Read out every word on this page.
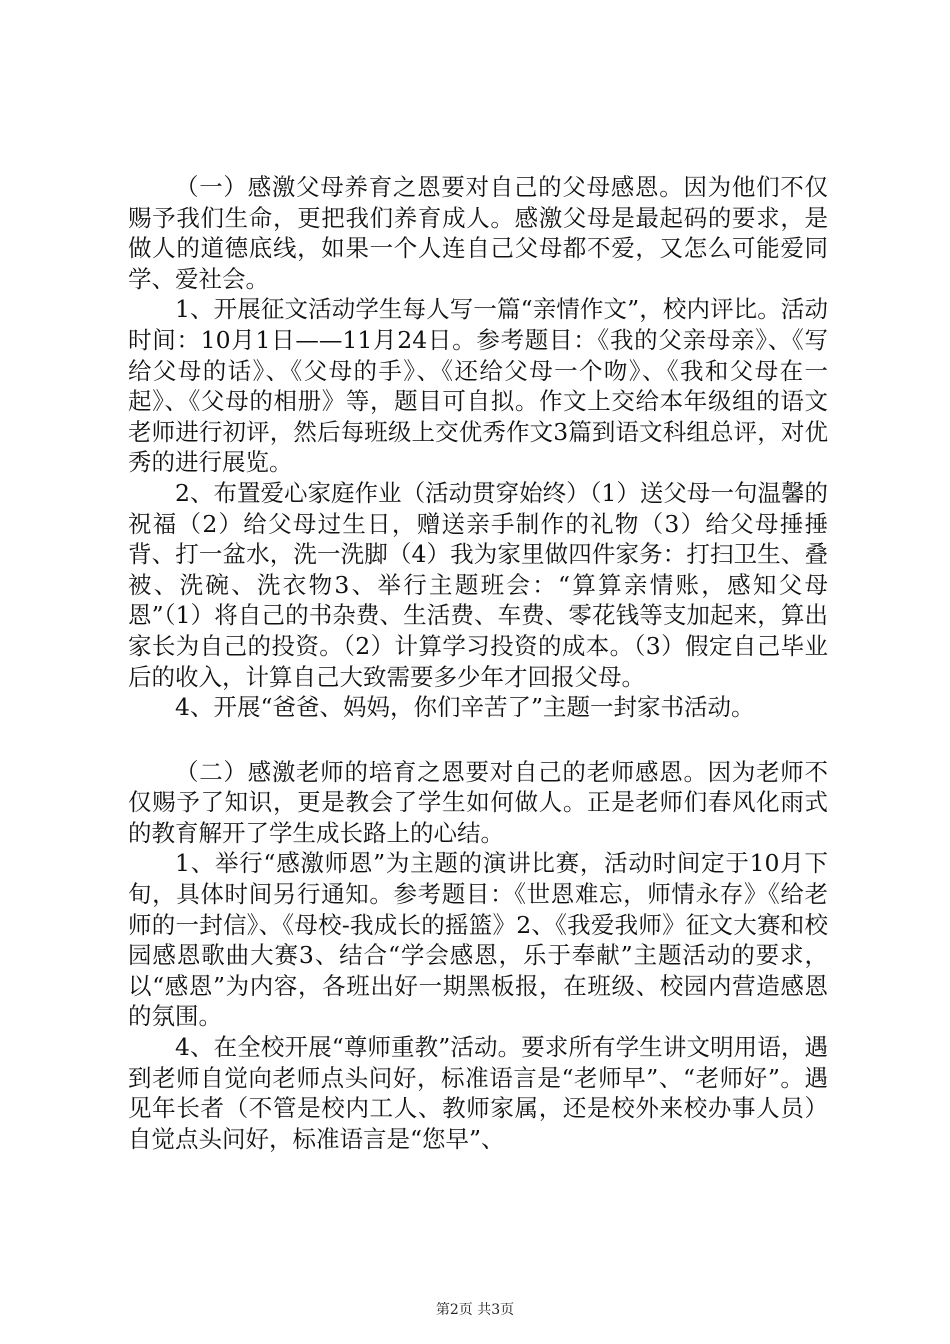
（一）感激父母养育之恩要对自己的父母感恩。因为他们不仅赐予我们生命，更把我们养育成人。感激父母是最起码的要求，是做人的道德底线，如果一个人连自己父母都不爱，又怎么可能爱同学、爱社会。

1、开展征文活动学生每人写一篇“亲情作文”，校内评比。活动时间：10月1日——11月24日。参考题目：《我的父亲母亲》、《写给父母的话》、《父母的手》、《还给父母一个吻》、《我和父母在一起》、《父母的相册》等，题目可自拟。作文上交给本年级组的语文老师进行初评，然后每班级上交优秀作文3篇到语文科组总评，对优秀的进行展览。

2、布置爱心家庭作业（活动贯穿始终）（1）送父母一句温馨的祝福（2）给父母过生日，赠送亲手制作的礼物（3）给父母捶捶背、打一盆水，洗一洗脚（4）我为家里做四件家务：打扫卫生、叠被、洗碗、洗衣物3、举行主题班会：“算算亲情账，感知父母恩”（1）将自己的书杂费、生活费、车费、零花钱等支加起来，算出家长为自己的投资。（2）计算学习投资的成本。（3）假定自己毕业后的收入，计算自己大致需要多少年才回报父母。

4、开展“爸爸、妈妈，你们辛苦了”主题一封家书活动。

（二）感激老师的培育之恩要对自己的老师感恩。因为老师不仅赐予了知识，更是教会了学生如何做人。正是老师们春风化雨式的教育解开了学生成长路上的心结。

1、举行“感激师恩”为主题的演讲比赛，活动时间定于10月下旬，具体时间另行通知。参考题目：《世恩难忘，师情永存》《给老师的一封信》、《母校-我成长的摇篮》2、《我爱我师》征文大赛和校园感恩歌曲大赛3、结合“学会感恩，乐于奉献”主题活动的要求，以“感恩”为内容，各班出好一期黑板报，在班级、校园内营造感恩的氛围。

4、在全校开展“尊师重教”活动。要求所有学生讲文明用语，遇到老师自觉向老师点头问好，标准语言是“老师早”、“老师好”。遇见年长者（不管是校内工人、教师家属，还是校外来校办事人员）自觉点头问好，标准语言是“您早”、

第2页 共3页
